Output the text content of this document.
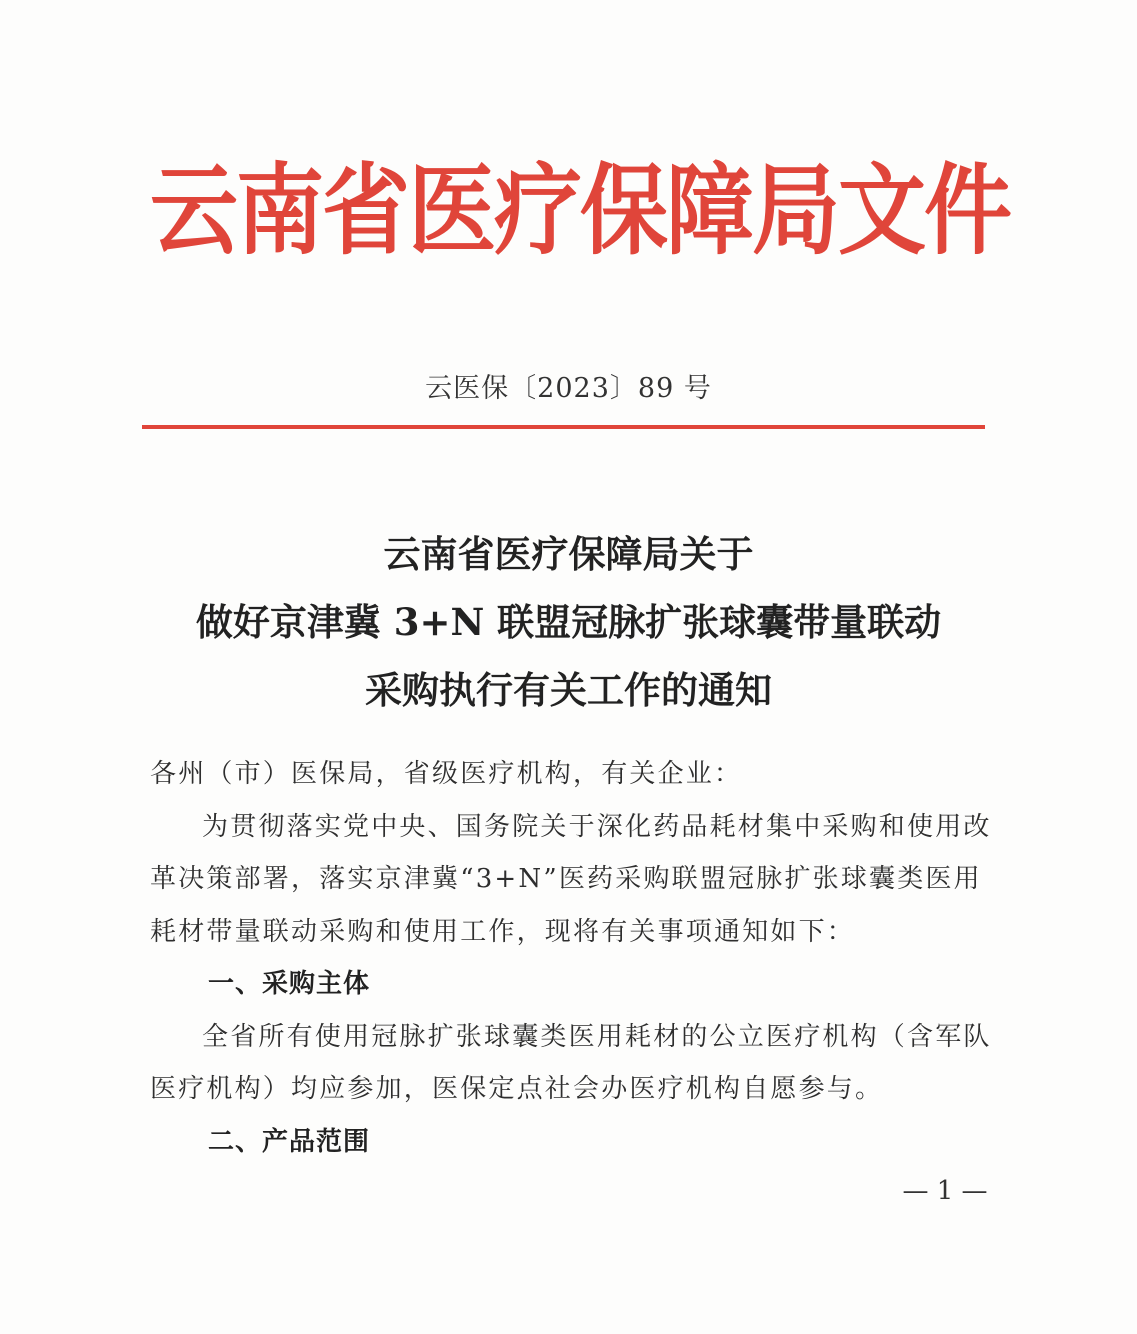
云南省医疗保障局文件
云医保〔2023〕89 号
云南省医疗保障局关于
做好京津冀 3+N 联盟冠脉扩张球囊带量联动
采购执行有关工作的通知

各州（市）医保局，省级医疗机构，有关企业：

为贯彻落实党中央、国务院关于深化药品耗材集中采购和使用改革决策部署，落实京津冀“3+N”医药采购联盟冠脉扩张球囊类医用耗材带量联动采购和使用工作，现将有关事项通知如下：

一、采购主体

全省所有使用冠脉扩张球囊类医用耗材的公立医疗机构（含军队医疗机构）均应参加，医保定点社会办医疗机构自愿参与。

二、产品范围

— 1 —
